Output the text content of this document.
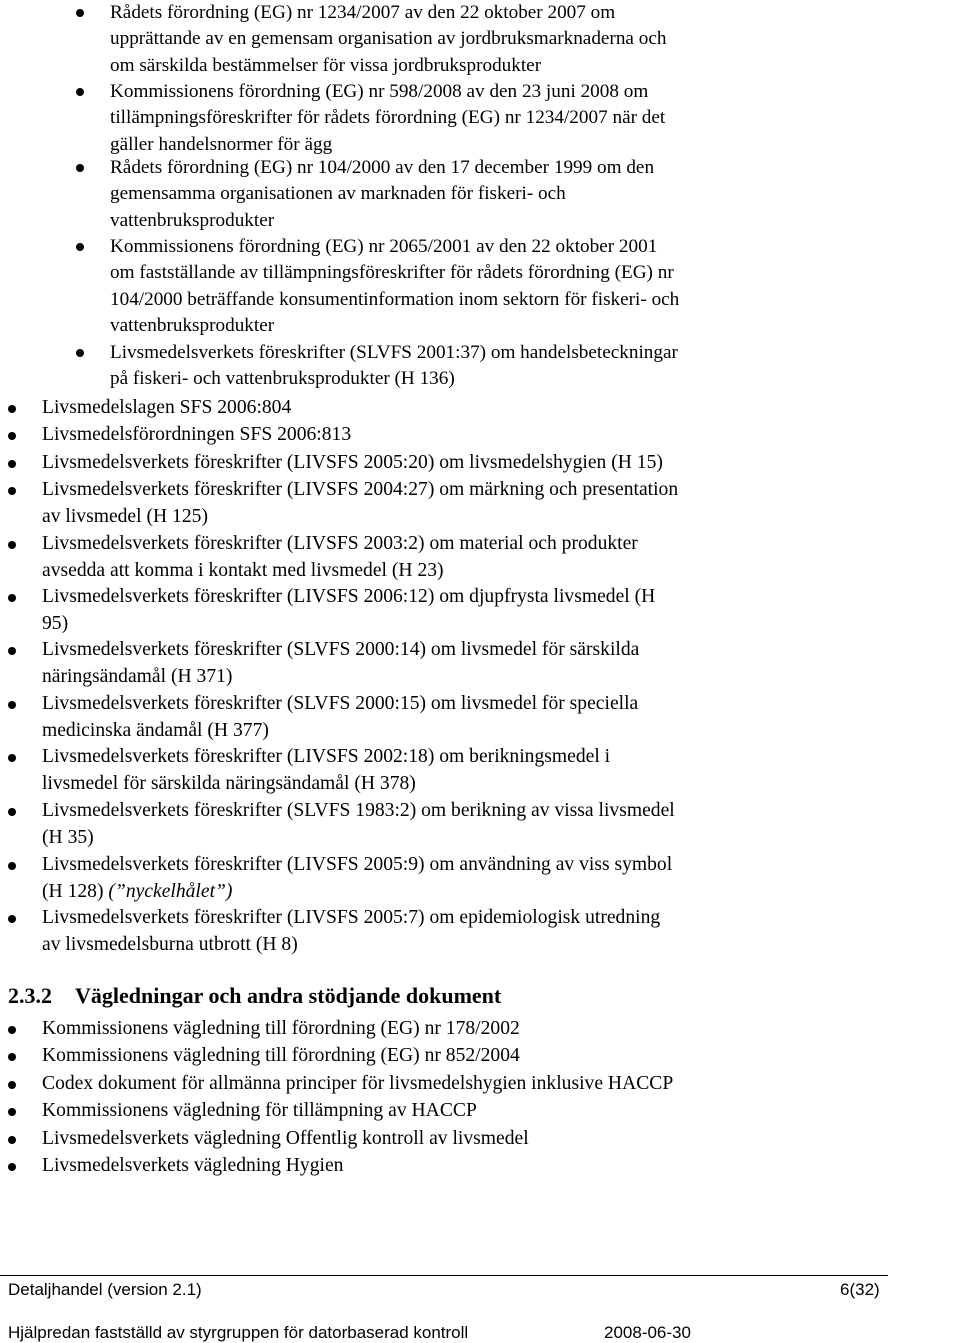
Rådets förordning (EG) nr 1234/2007 av den 22 oktober 2007 om
upprättande av en gemensam organisation av jordbruksmarknaderna och
om särskilda bestämmelser för vissa jordbruksprodukter
Kommissionens förordning (EG) nr 598/2008 av den 23 juni 2008 om
tillämpningsföreskrifter för rådets förordning (EG) nr 1234/2007 när det
gäller handelsnormer för ägg
Rådets förordning (EG) nr 104/2000 av den 17 december 1999 om den
gemensamma organisationen av marknaden för fiskeri- och
vattenbruksprodukter
Kommissionens förordning (EG) nr 2065/2001 av den 22 oktober 2001
om fastställande av tillämpningsföreskrifter för rådets förordning (EG) nr
104/2000 beträffande konsumentinformation inom sektorn för fiskeri- och
vattenbruksprodukter
Livsmedelsverkets föreskrifter (SLVFS 2001:37) om handelsbeteckningar
på fiskeri- och vattenbruksprodukter (H 136)
Livsmedelslagen SFS 2006:804
Livsmedelsförordningen SFS 2006:813
Livsmedelsverkets föreskrifter (LIVSFS 2005:20) om livsmedelshygien (H 15)
Livsmedelsverkets föreskrifter (LIVSFS 2004:27) om märkning och presentation
av livsmedel (H 125)
Livsmedelsverkets föreskrifter (LIVSFS 2003:2) om material och produkter
avsedda att komma i kontakt med livsmedel (H 23)
Livsmedelsverkets föreskrifter (LIVSFS 2006:12) om djupfrysta livsmedel (H
95)
Livsmedelsverkets föreskrifter (SLVFS 2000:14) om livsmedel för särskilda
näringsändamål (H 371)
Livsmedelsverkets föreskrifter (SLVFS 2000:15) om livsmedel för speciella
medicinska ändamål (H 377)
Livsmedelsverkets föreskrifter (LIVSFS 2002:18) om berikningsmedel i
livsmedel för särskilda näringsändamål (H 378)
Livsmedelsverkets föreskrifter (SLVFS 1983:2) om berikning av vissa livsmedel
(H 35)
Livsmedelsverkets föreskrifter (LIVSFS 2005:9) om användning av viss symbol
(H 128) (”nyckelhålet”)
Livsmedelsverkets föreskrifter (LIVSFS 2005:7) om epidemiologisk utredning
av livsmedelsburna utbrott (H 8)
2.3.2 Vägledningar och andra stödjande dokument
Kommissionens vägledning till förordning (EG) nr 178/2002
Kommissionens vägledning till förordning (EG) nr 852/2004
Codex dokument för allmänna principer för livsmedelshygien inklusive HACCP
Kommissionens vägledning för tillämpning av HACCP
Livsmedelsverkets vägledning Offentlig kontroll av livsmedel
Livsmedelsverkets vägledning Hygien
Detaljhandel (version 2.1)	6(32)
Hjälpredan fastställd av styrgruppen för datorbaserad kontroll	2008-06-30
